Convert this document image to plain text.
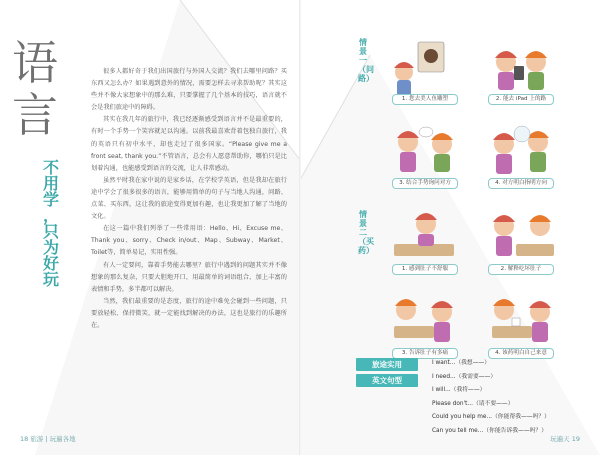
语
言
不
用
学
，
只
为
好
玩

很多人都好奇于我们出国旅行与外国人交流？我们去哪里问路？买东西又怎么办？如果遇到意外的情况，需要怎样去寻求帮助呢？其实这些并不像大家想象中的那么难，只要掌握了几个基本的技巧，语言就不会是我们旅途中的障碍。

其实在我几年的旅行中，我已经逐渐感受到语言并不是最重要的，有时一个手势一个笑容就足以沟通。以前我最喜欢背着包独自旅行，我的英语只有初中水平，却也走过了很多国家。“Please give me a front seat, thank you.”不管语言，总会有人愿意帮助你，哪怕只是比划着沟通，也能感受到语言的交流，让人非常感动。

虽然平时我在家中说的是家乡话，在学校学英语，但是我却在旅行途中学会了很多很多的语言，能够用简单的句子与当地人沟通，问路、点菜、买东西，这让我的旅途变得更加有趣，也让我更加了解了当地的文化。

在这一篇中我们列举了一些常用语：Hello、Hi、Excuse me、Thank you、sorry、Check in/out、Map、Subway、Market、Toilet等，简单易记，实用性强。

有人一定要问，靠着手势能去哪里？旅行中遇到的问题其实并不像想象的那么复杂，只要大胆地开口，用最简单的词语组合，加上丰富的表情和手势，多半都可以解决。

当然，我们最重要的是态度，旅行的途中难免会碰到一些问题，只要放轻松、保持微笑，就一定能找到解决的办法，这也是旅行的乐趣所在。

18 旅游 | 玩遍各地
情景一（问路）
1. 您去美人鱼雕塑	2. 能去 iPad 上的路
3. 结合手势询问对方	4. 对方明白指明方向
情景二（买药）
1. 感到肚子不舒服	2. 解释吃坏肚子
3. 告诉肚子有多痛	4. 该药明白自己来意
旅途实用
英文句型
I want...（我想——）
I need...（我需要——）
I will...（我将——）
Please don't...（请不要——）
Could you help me...（你能帮我——吗？）
Can you tell me...（你能告诉我——吗？）
玩遍天 19
